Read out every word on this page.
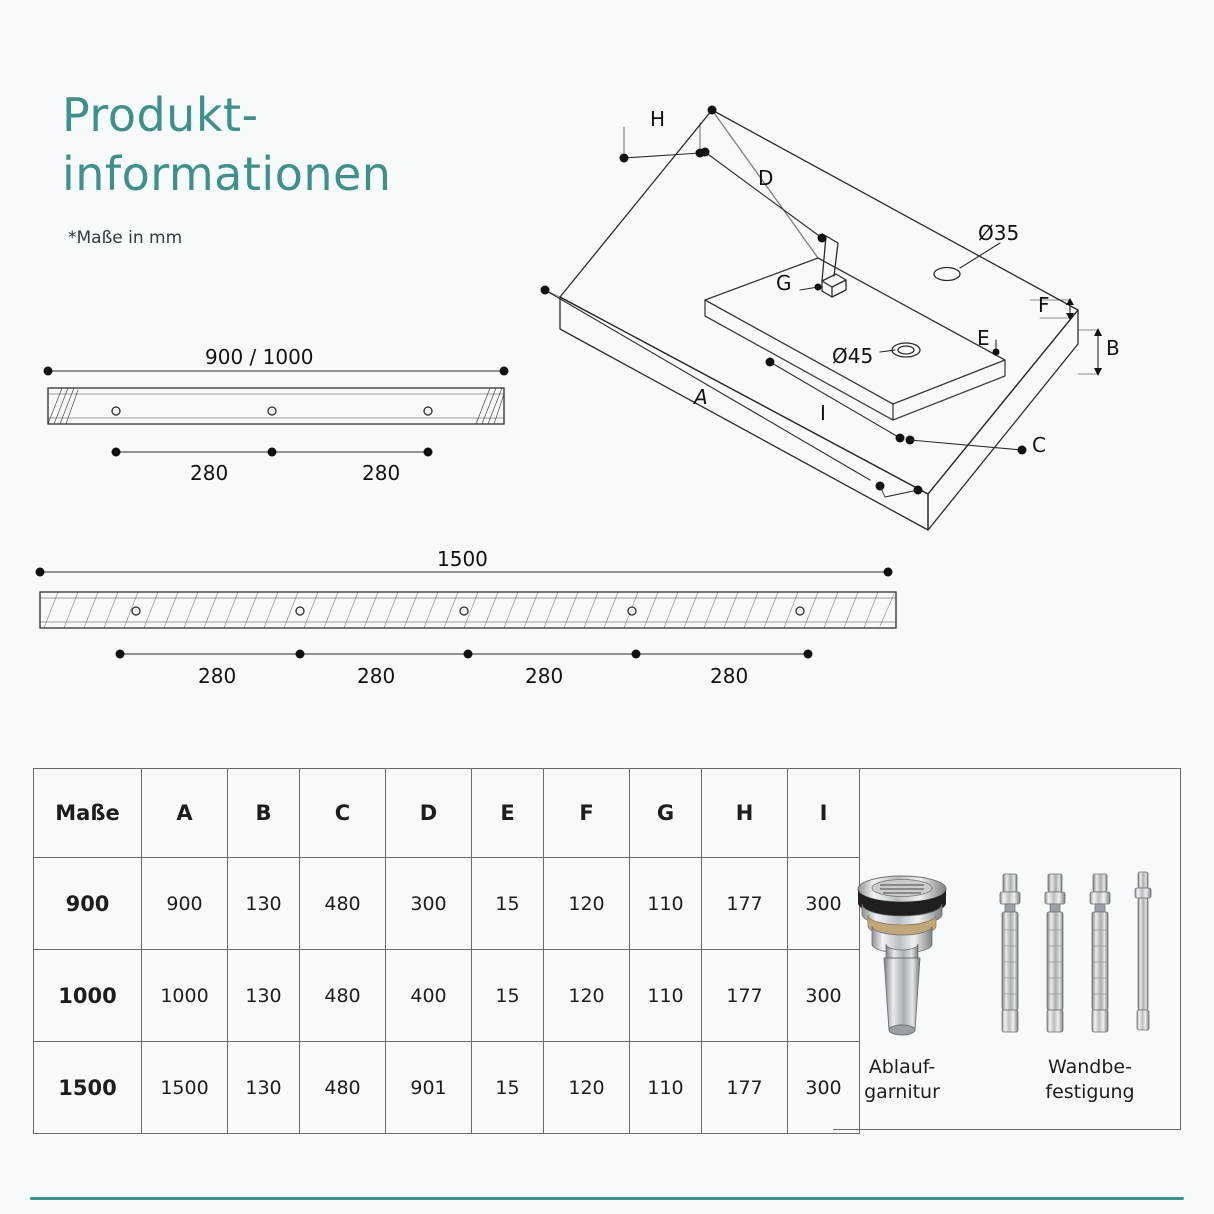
Produkt-
informationen
*Maße in mm
H
D
A
I
C
F
B
E
G
Ø35
Ø45
900 / 1000
280	280
1500
280	280	280	280
Maße	A	B	C	D	E	F	G	H	I
900	900	130	480	300	15	120	110	177	300
1000	1000	130	480	400	15	120	110	177	300
1500	1500	130	480	901	15	120	110	177	300
Ablauf-
garnitur
Wandbe-
festigung
